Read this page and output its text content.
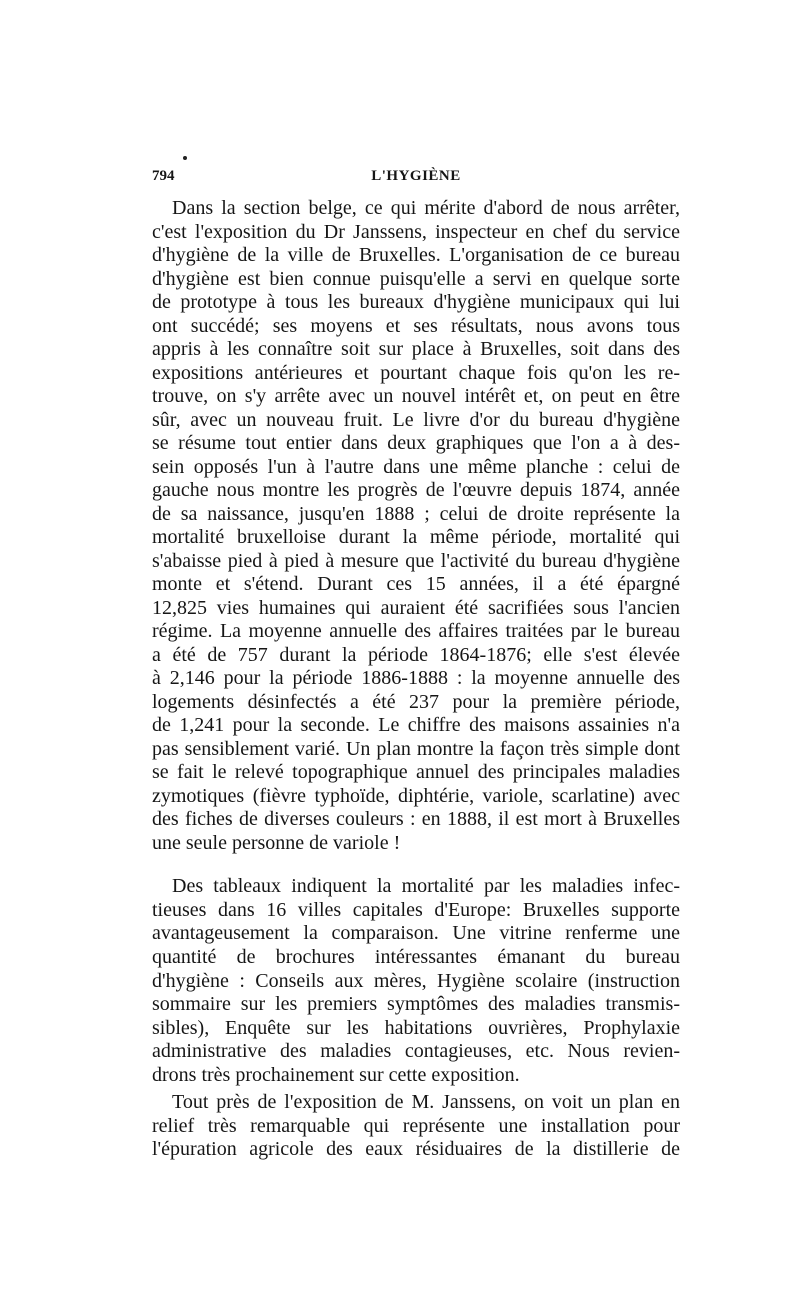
794	L'HYGIÈNE
Dans la section belge, ce qui mérite d'abord de nous arrêter,
c'est l'exposition du Dr Janssens, inspecteur en chef du service
d'hygiène de la ville de Bruxelles. L'organisation de ce bureau
d'hygiène est bien connue puisqu'elle a servi en quelque sorte
de prototype à tous les bureaux d'hygiène municipaux qui lui
ont succédé; ses moyens et ses résultats, nous avons tous
appris à les connaître soit sur place à Bruxelles, soit dans des
expositions antérieures et pourtant chaque fois qu'on les re-
trouve, on s'y arrête avec un nouvel intérêt et, on peut en être
sûr, avec un nouveau fruit. Le livre d'or du bureau d'hygiène
se résume tout entier dans deux graphiques que l'on a à des-
sein opposés l'un à l'autre dans une même planche : celui de
gauche nous montre les progrès de l'œuvre depuis 1874, année
de sa naissance, jusqu'en 1888 ; celui de droite représente la
mortalité bruxelloise durant la même période, mortalité qui
s'abaisse pied à pied à mesure que l'activité du bureau d'hygiène
monte et s'étend. Durant ces 15 années, il a été épargné
12,825 vies humaines qui auraient été sacrifiées sous l'ancien
régime. La moyenne annuelle des affaires traitées par le bureau
a été de 757 durant la période 1864-1876; elle s'est élevée
à 2,146 pour la période 1886-1888 : la moyenne annuelle des
logements désinfectés a été 237 pour la première période,
de 1,241 pour la seconde. Le chiffre des maisons assainies n'a
pas sensiblement varié. Un plan montre la façon très simple dont
se fait le relevé topographique annuel des principales maladies
zymotiques (fièvre typhoïde, diphtérie, variole, scarlatine) avec
des fiches de diverses couleurs : en 1888, il est mort à Bruxelles
une seule personne de variole !
Des tableaux indiquent la mortalité par les maladies infec-
tieuses dans 16 villes capitales d'Europe: Bruxelles supporte
avantageusement la comparaison. Une vitrine renferme une
quantité de brochures intéressantes émanant du bureau
d'hygiène : Conseils aux mères, Hygiène scolaire (instruction
sommaire sur les premiers symptômes des maladies transmis-
sibles), Enquête sur les habitations ouvrières, Prophylaxie
administrative des maladies contagieuses, etc. Nous revien-
drons très prochainement sur cette exposition.
Tout près de l'exposition de M. Janssens, on voit un plan en
relief très remarquable qui représente une installation pour
l'épuration agricole des eaux résiduaires de la distillerie de
